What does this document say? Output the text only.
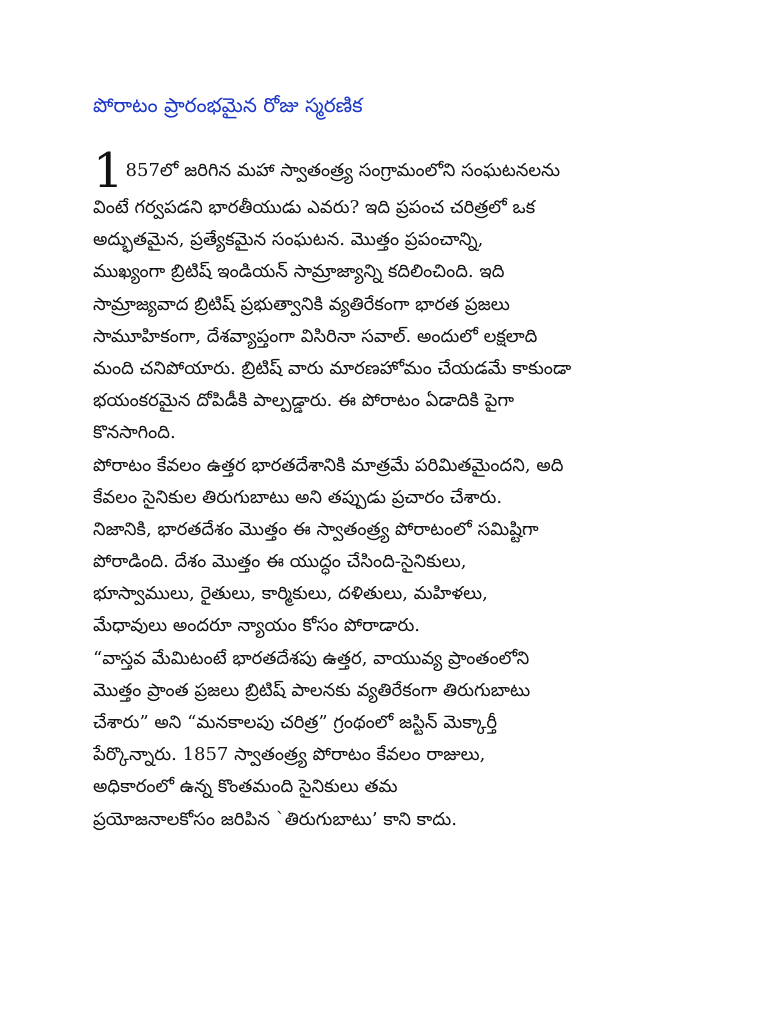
పోరాటం ప్రారంభమైన రోజు స్మరణిక
1 857లో జరిగిన మహా స్వాతంత్ర్య సంగ్రామంలోని సంఘటనలను
వింటే గర్వపడని భారతీయుడు ఎవరు? ఇది ప్రపంచ చరిత్రలో ఒక
అద్భుతమైన, ప్రత్యేకమైన సంఘటన. మొత్తం ప్రపంచాన్ని,
ముఖ్యంగా బ్రిటిష్ ఇండియన్ సామ్రాజ్యాన్ని కదిలించింది. ఇది
సామ్రాజ్యవాద బ్రిటిష్ ప్రభుత్వానికి వ్యతిరేకంగా భారత ప్రజలు
సామూహికంగా, దేశవ్యాప్తంగా విసిరినా సవాల్. అందులో లక్షలాది
మంది చనిపోయారు. బ్రిటిష్ వారు మారణహోమం చేయడమే కాకుండా
భయంకరమైన దోపిడీకి పాల్పడ్డారు. ఈ పోరాటం ఏడాదికి పైగా
కొనసాగింది.
పోరాటం కేవలం ఉత్తర భారతదేశానికి మాత్రమే పరిమితమైందని, అది
కేవలం సైనికుల తిరుగుబాటు అని తప్పుడు ప్రచారం చేశారు.
నిజానికి, భారతదేశం మొత్తం ఈ స్వాతంత్ర్య పోరాటంలో సమిష్టిగా
పోరాడింది. దేశం మొత్తం ఈ యుద్ధం చేసింది-సైనికులు,
భూస్వాములు, రైతులు, కార్మికులు, దళితులు, మహిళలు,
మేధావులు అందరూ న్యాయం కోసం పోరాడారు.
“వాస్తవ మేమిటంటే భారతదేశపు ఉత్తర, వాయువ్య ప్రాంతంలోని
మొత్తం ప్రాంత ప్రజలు బ్రిటిష్ పాలనకు వ్యతిరేకంగా తిరుగుబాటు
చేశారు” అని “మనకాలపు చరిత్ర” గ్రంథంలో జస్టిన్ మెక్కార్తీ
పేర్కొన్నారు. 1857 స్వాతంత్ర్య పోరాటం కేవలం రాజులు,
అధికారంలో ఉన్న కొంతమంది సైనికులు తమ
ప్రయోజనాలకోసం జరిపిన `తిరుగుబాటు’ కాని కాదు.
